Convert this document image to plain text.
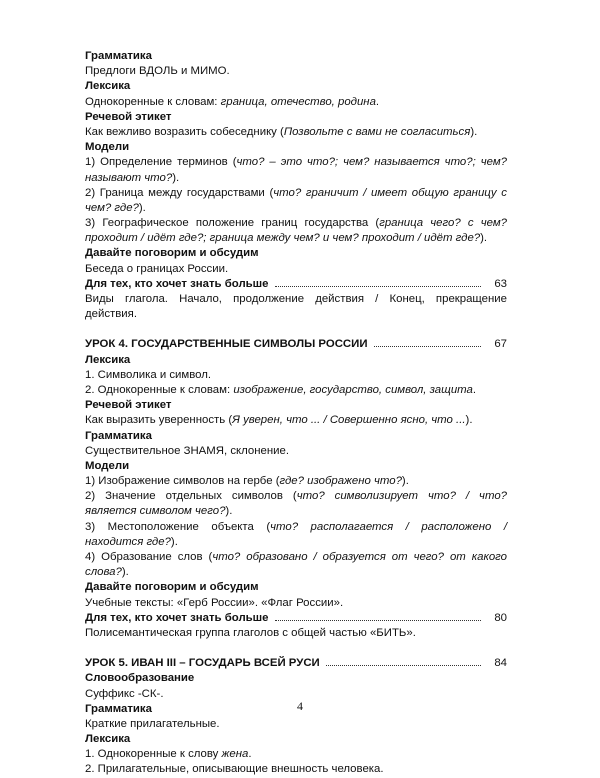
Грамматика
Предлоги ВДОЛЬ и МИМО.
Лексика
Однокоренные к словам: граница, отечество, родина.
Речевой этикет
Как вежливо возразить собеседнику (Позвольте с вами не согласиться).
Модели
1) Определение терминов (что? – это что?; чем? называется что?; чем?
называют что?).
2) Граница между государствами (что? граничит / имеет общую границу с
чем? где?).
3) Географическое положение границ государства (граница чего? с чем?
проходит / идёт где?; граница между чем? и чем? проходит / идёт где?).
Давайте поговорим и обсудим
Беседа о границах России.
Для тех, кто хочет знать больше	63
Виды глагола. Начало, продолжение действия / Конец, прекращение
действия.
УРОК 4. ГОСУДАРСТВЕННЫЕ СИМВОЛЫ РОССИИ	67
Лексика
1. Символика и символ.
2. Однокоренные к словам: изображение, государство, символ, защита.
Речевой этикет
Как выразить уверенность (Я уверен, что ... / Совершенно ясно, что ...).
Грамматика
Существительное ЗНАМЯ, склонение.
Модели
1) Изображение символов на гербе (где? изображено что?).
2) Значение отдельных символов (что? символизирует что? / что?
является символом чего?).
3) Местоположение объекта (что? располагается / расположено /
находится где?).
4) Образование слов (что? образовано / образуется от чего? от какого
слова?).
Давайте поговорим и обсудим
Учебные тексты: «Герб России». «Флаг России».
Для тех, кто хочет знать больше	80
Полисемантическая группа глаголов с общей частью «БИТЬ».
УРОК 5. ИВАН III – ГОСУДАРЬ ВСЕЙ РУСИ	84
Словообразование
Суффикс -СК-.
Грамматика
Краткие прилагательные.
Лексика
1. Однокоренные к слову жена.
2. Прилагательные, описывающие внешность человека.
4
